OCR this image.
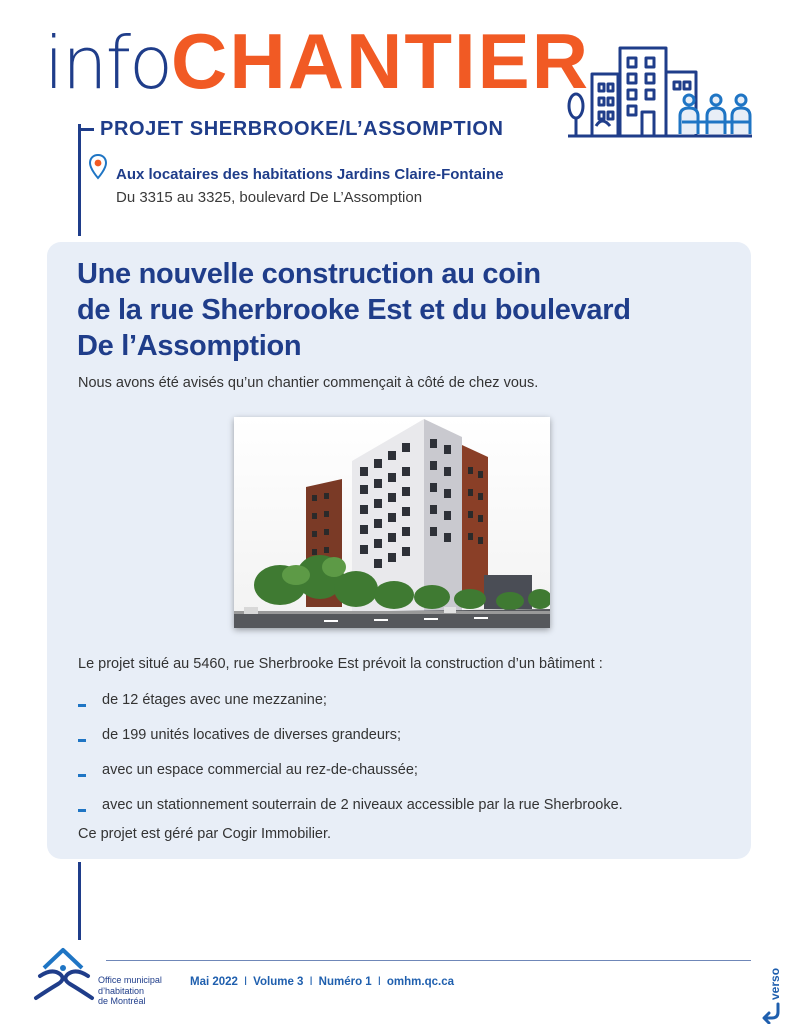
infoCHANTIER
PROJET SHERBROOKE/L’ASSOMPTION
Aux locataires des habitations Jardins Claire-Fontaine
Du 3315 au 3325, boulevard De L’Assomption
Une nouvelle construction au coin
de la rue Sherbrooke Est et du boulevard
De l’Assomption
Nous avons été avisés qu’un chantier commençait à côté de chez vous.
Le projet situé au 5460, rue Sherbrooke Est prévoit la construction d’un bâtiment :
de 12 étages avec une mezzanine;
de 199 unités locatives de diverses grandeurs;
avec un espace commercial au rez-de-chaussée;
avec un stationnement souterrain de 2 niveaux accessible par la rue Sherbrooke.
Ce projet est géré par Cogir Immobilier.
Office municipal
d’habitation
de Montréal
Mai 2022 I Volume 3 I Numéro 1 I omhm.qc.ca	verso
